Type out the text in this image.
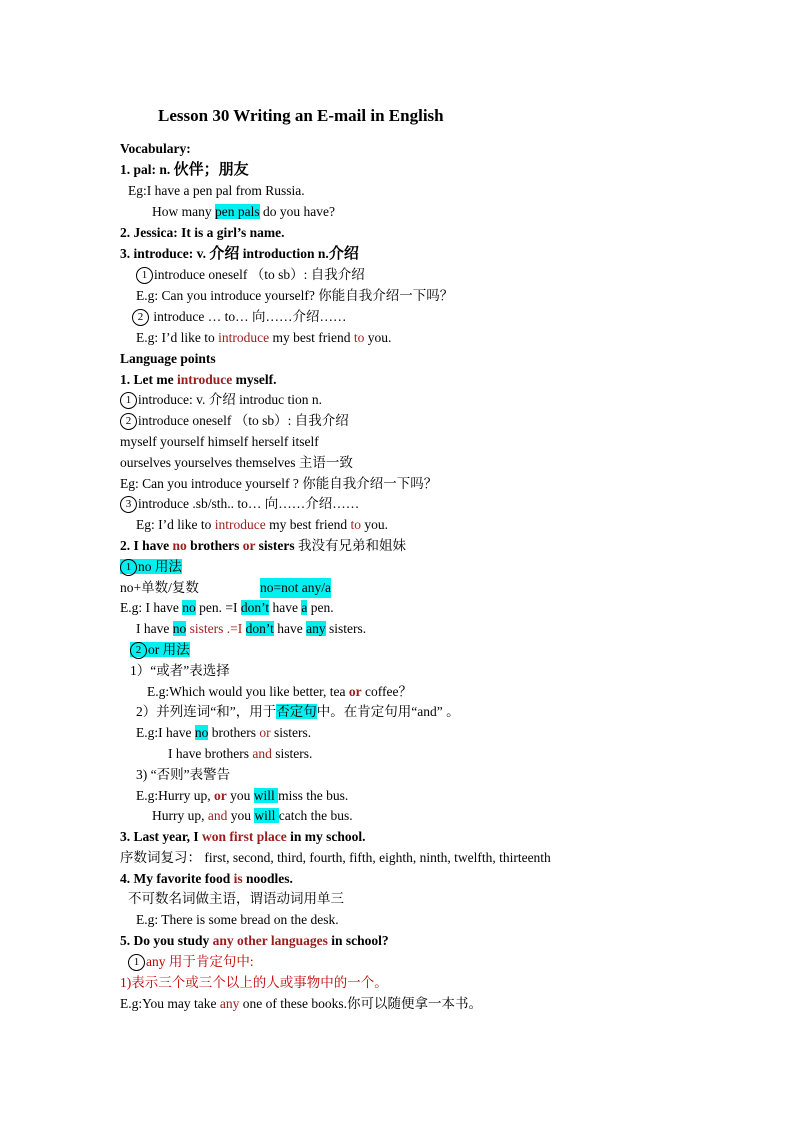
Lesson 30 Writing an E-mail in English
Vocabulary:
1. pal: n. 伙伴；朋友
Eg:I have a pen pal from Russia.
How many pen pals do you have?
2. Jessica: It is a girl’s name.
3. introduce: v. 介绍 introduction n.介绍
1 introduce oneself （to sb）: 自我介绍
E.g: Can you introduce yourself? 你能自我介绍一下吗？
2 introduce … to… 向……介绍……
E.g: I’d like to introduce my best friend to you.
Language points
1. Let me introduce myself.
1 introduce: v. 介绍 introduc tion n.
2 introduce oneself （to sb）: 自我介绍
myself yourself himself herself itself
ourselves yourselves themselves 主语一致
Eg: Can you introduce yourself ? 你能自我介绍一下吗？
3 introduce .sb/sth.. to… 向……介绍……
Eg: I’d like to introduce my best friend to you.
2. I have no brothers or sisters 我没有兄弟和姐妹
1 no 用法
no+单数/复数	no=not any/a
E.g: I have no pen. =I don’t have a pen.
I have no sisters .=I don’t have any sisters.
2 or 用法
1）“或者”表选择
E.g:Which would you like better, tea or coffee？
2）并列连词“和”，用于否定句中。在肯定句用“and” 。
E.g:I have no brothers or sisters.
I have brothers and sisters.
3) “否则”表警告
E.g:Hurry up, or you will miss the bus.
Hurry up, and you will catch the bus.
3. Last year, I won first place in my school.
序数词复习： first, second, third, fourth, fifth, eighth, ninth, twelfth, thirteenth
4. My favorite food is noodles.
不可数名词做主语，谓语动词用单三
E.g: There is some bread on the desk.
5. Do you study any other languages in school?
1 any 用于肯定句中:
1)表示三个或三个以上的人或事物中的一个。
E.g:You may take any one of these books.你可以随便拿一本书。
